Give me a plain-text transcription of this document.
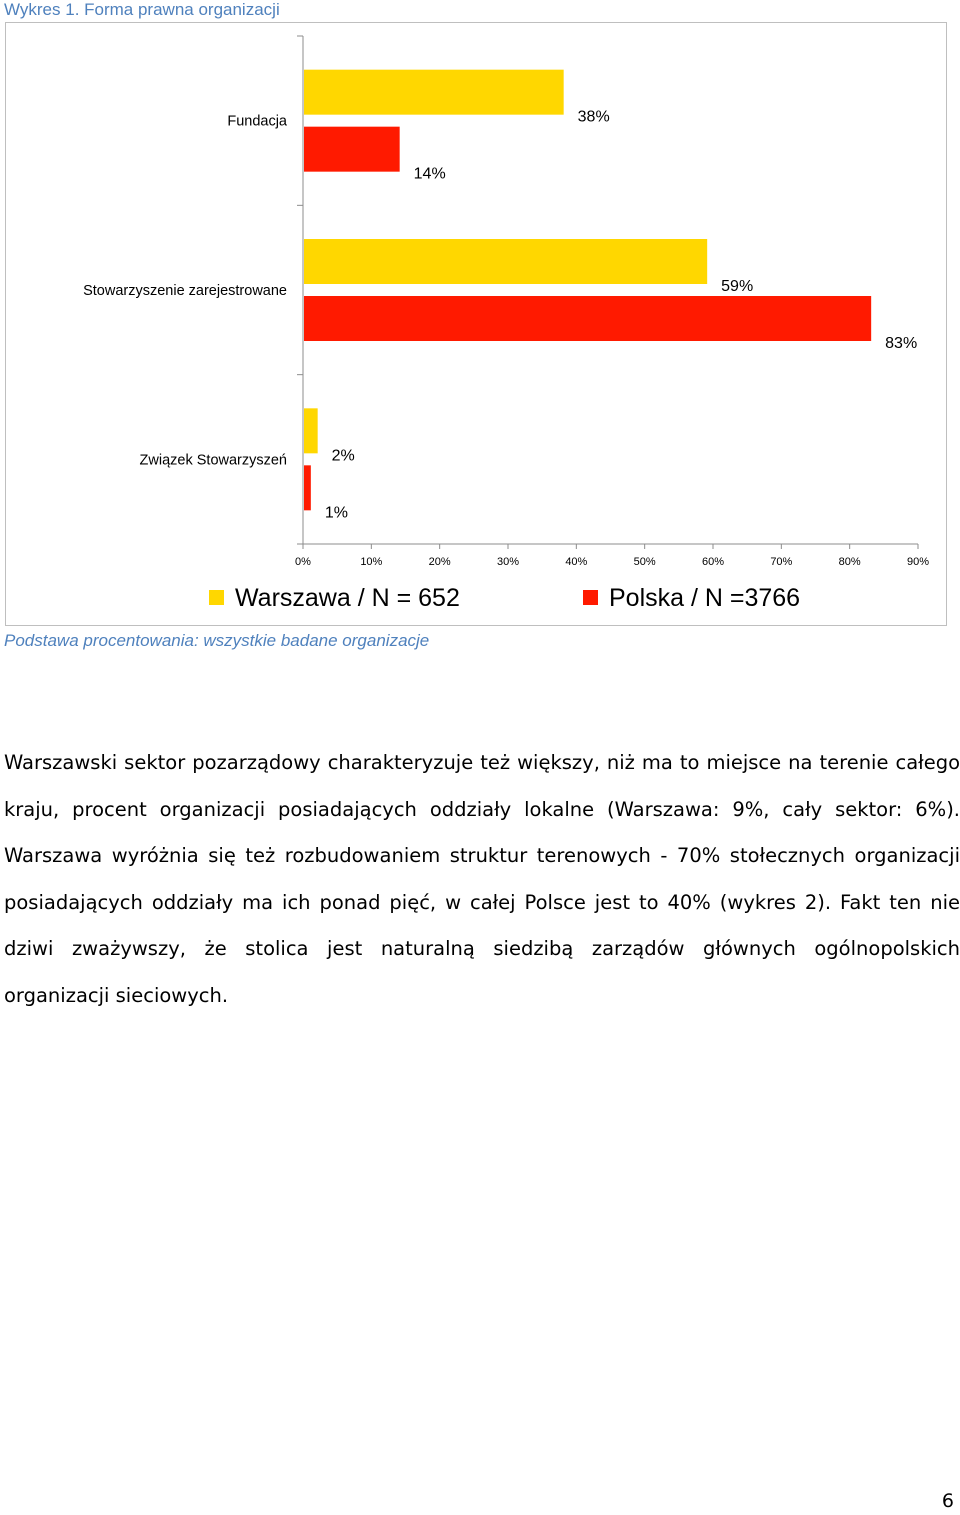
Wykres 1. Forma prawna organizacji
0%	10%	20%	30%	40%	50%	60%	70%	80%	90%
Fundacja	38%
14%
Stowarzyszenie zarejestrowane	59%
83%
Związek Stowarzyszeń	2%
1%
Warszawa / N = 652	Polska / N =3766
Podstawa procentowania: wszystkie badane organizacje
Warszawski sektor pozarządowy charakteryzuje też większy, niż ma to miejsce na terenie całego kraju, procent organizacji posiadających oddziały lokalne (Warszawa: 9%, cały sektor: 6%). Warszawa wyróżnia się też rozbudowaniem struktur terenowych - 70% stołecznych organizacji posiadających oddziały ma ich ponad pięć, w całej Polsce jest to 40% (wykres 2). Fakt ten nie dziwi zważywszy, że stolica jest naturalną siedzibą zarządów głównych ogólnopolskich organizacji sieciowych.
6
